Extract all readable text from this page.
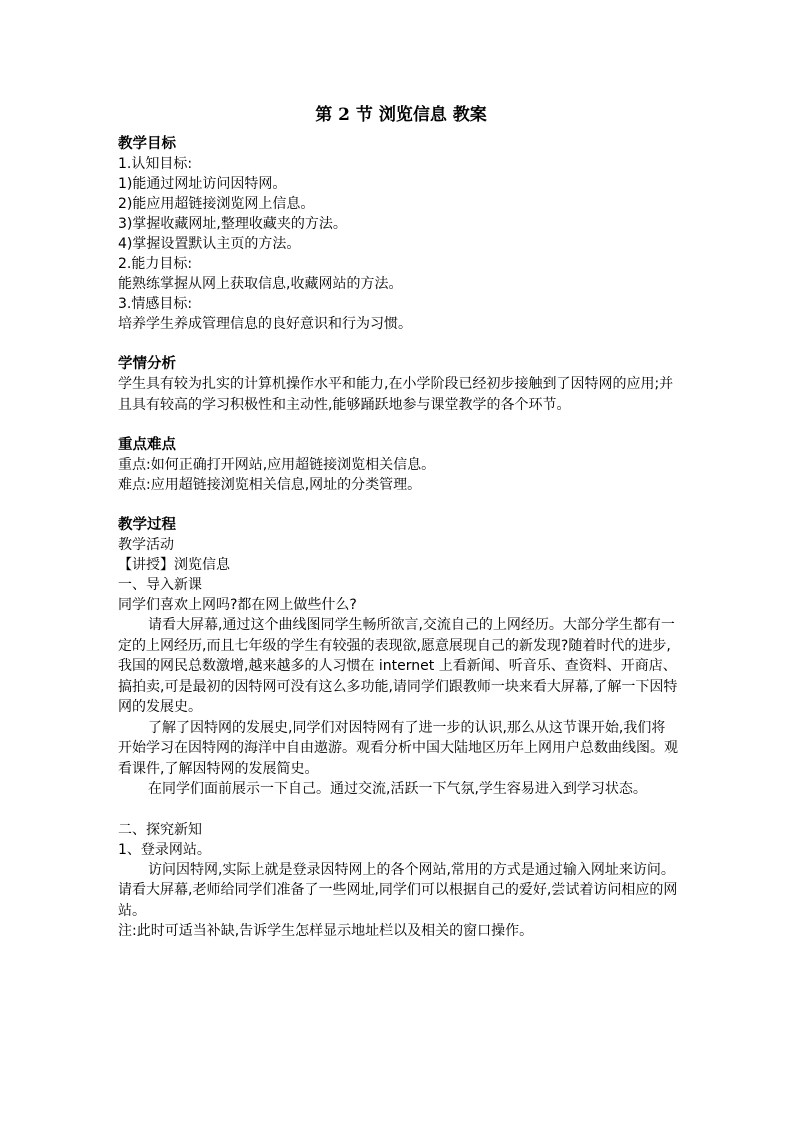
第 2 节 浏览信息 教案
教学目标
1.认知目标:
1)能通过网址访问因特网。
2)能应用超链接浏览网上信息。
3)掌握收藏网址,整理收藏夹的方法。
4)掌握设置默认主页的方法。
2.能力目标:
能熟练掌握从网上获取信息,收藏网站的方法。
3.情感目标:
培养学生养成管理信息的良好意识和行为习惯。
学情分析
学生具有较为扎实的计算机操作水平和能力,在小学阶段已经初步接触到了因特网的应用;并且具有较高的学习积极性和主动性,能够踊跃地参与课堂教学的各个环节。
重点难点
重点:如何正确打开网站,应用超链接浏览相关信息。
难点:应用超链接浏览相关信息,网址的分类管理。
教学过程
教学活动
【讲授】浏览信息
一、导入新课
同学们喜欢上网吗?都在网上做些什么?
请看大屏幕,通过这个曲线图同学生畅所欲言,交流自己的上网经历。大部分学生都有一定的上网经历,而且七年级的学生有较强的表现欲,愿意展现自己的新发现?随着时代的进步,我国的网民总数激增,越来越多的人习惯在 internet 上看新闻、听音乐、查资料、开商店、搞拍卖,可是最初的因特网可没有这么多功能,请同学们跟教师一块来看大屏幕,了解一下因特网的发展史。
了解了因特网的发展史,同学们对因特网有了进一步的认识,那么从这节课开始,我们将开始学习在因特网的海洋中自由遨游。观看分析中国大陆地区历年上网用户总数曲线图。观看课件,了解因特网的发展简史。
在同学们面前展示一下自己。通过交流,活跃一下气氛,学生容易进入到学习状态。
二、探究新知
1、登录网站。
访问因特网,实际上就是登录因特网上的各个网站,常用的方式是通过输入网址来访问。请看大屏幕,老师给同学们准备了一些网址,同学们可以根据自己的爱好,尝试着访问相应的网站。
注:此时可适当补缺,告诉学生怎样显示地址栏以及相关的窗口操作。
